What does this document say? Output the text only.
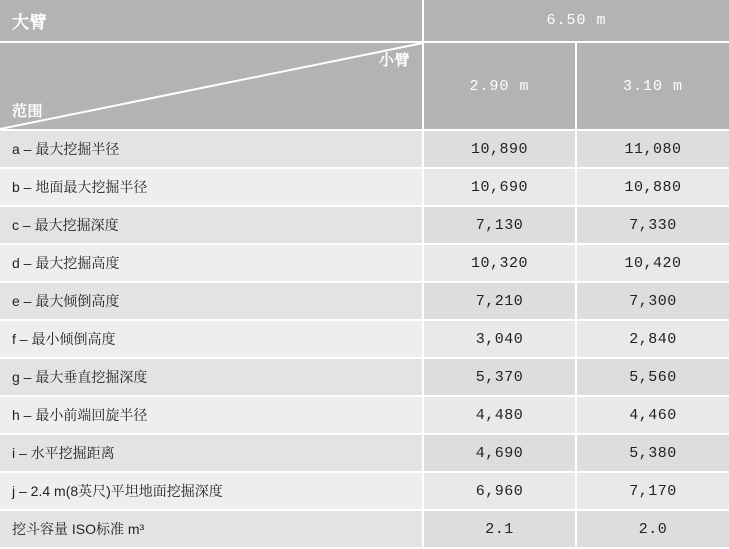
大臂	6.50 m	

小臂
范围	2.90 m	3.10 m
a – 最大挖掘半径	10,890	11,080
b – 地面最大挖掘半径	10,690	10,880
c – 最大挖掘深度	7,130	7,330
d – 最大挖掘高度	10,320	10,420
e – 最大倾倒高度	7,210	7,300
f – 最小倾倒高度	3,040	2,840
g – 最大垂直挖掘深度	5,370	5,560
h – 最小前端回旋半径	4,480	4,460
i – 水平挖掘距离	4,690	5,380
j – 2.4 m(8英尺)平坦地面挖掘深度	6,960	7,170
挖斗容量 ISO标准 m³	2.1	2.0
